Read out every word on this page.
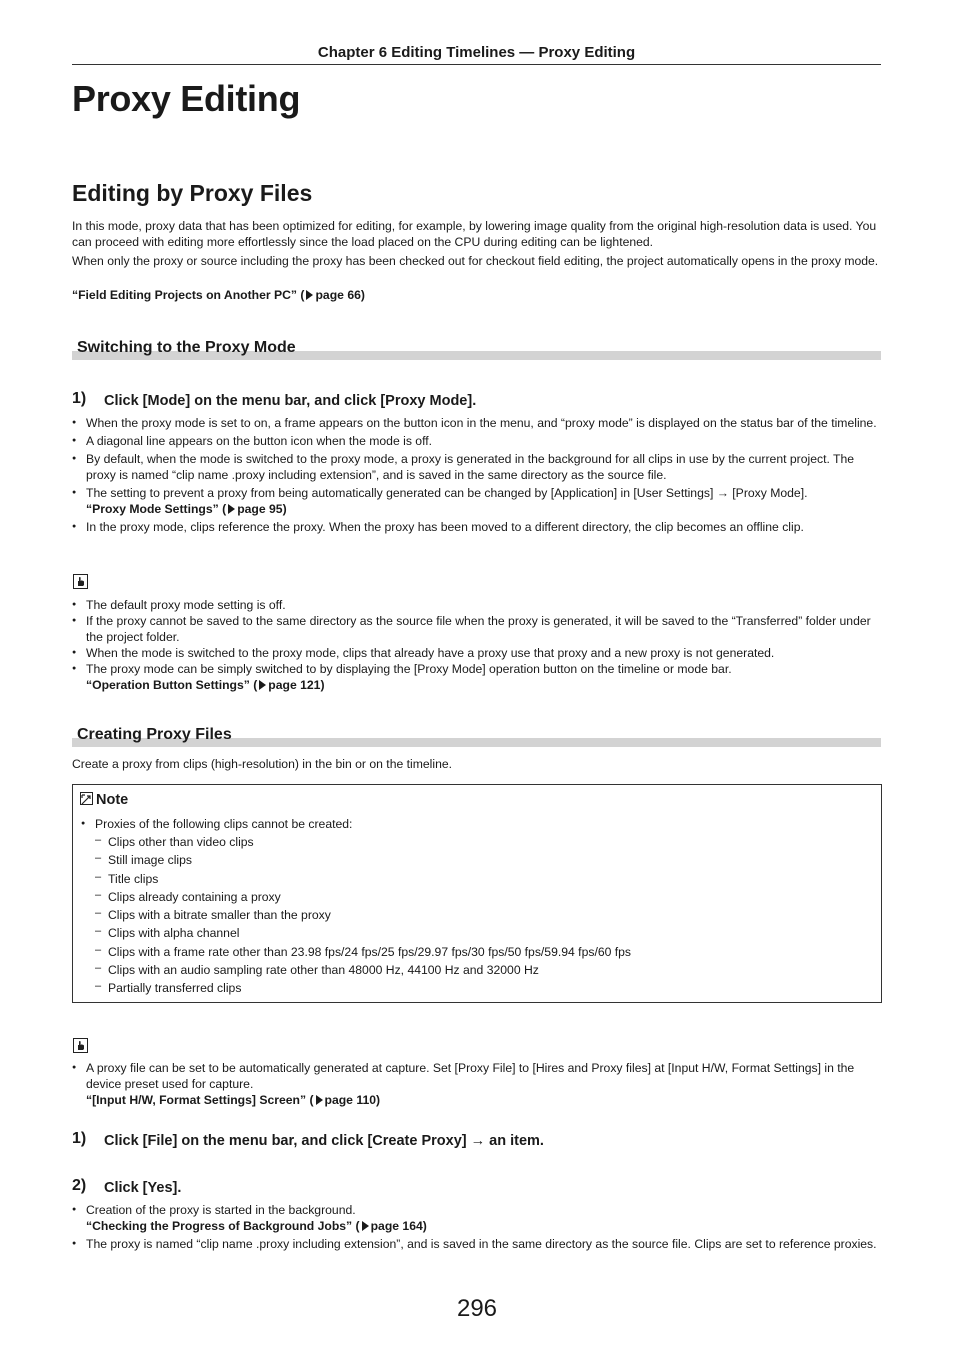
Chapter 6 Editing Timelines — Proxy Editing
Proxy Editing
Editing by Proxy Files
In this mode, proxy data that has been optimized for editing, for example, by lowering image quality from the original high-resolution data is used. You can proceed with editing more effortlessly since the load placed on the CPU during editing can be lightened.
When only the proxy or source including the proxy has been checked out for checkout field editing, the project automatically opens in the proxy mode.
“Field Editing Projects on Another PC” ( page 66)
Switching to the Proxy Mode
1) Click [Mode] on the menu bar, and click [Proxy Mode].
● When the proxy mode is set to on, a frame appears on the button icon in the menu, and “proxy mode” is displayed on the status bar of the timeline.
● A diagonal line appears on the button icon when the mode is off.
● By default, when the mode is switched to the proxy mode, a proxy is generated in the background for all clips in use by the current project. The proxy is named “clip name .proxy including extension”, and is saved in the same directory as the source file.
● The setting to prevent a proxy from being automatically generated can be changed by [Application] in [User Settings] → [Proxy Mode].
“Proxy Mode Settings” ( page 95)
● In the proxy mode, clips reference the proxy. When the proxy has been moved to a different directory, the clip becomes an offline clip.
● The default proxy mode setting is off.
● If the proxy cannot be saved to the same directory as the source file when the proxy is generated, it will be saved to the “Transferred” folder under the project folder.
● When the mode is switched to the proxy mode, clips that already have a proxy use that proxy and a new proxy is not generated.
● The proxy mode can be simply switched to by displaying the [Proxy Mode] operation button on the timeline or mode bar.
“Operation Button Settings” ( page 121)
Creating Proxy Files
Create a proxy from clips (high-resolution) in the bin or on the timeline.
Note
● Proxies of the following clips cannot be created:
– Clips other than video clips
– Still image clips
– Title clips
– Clips already containing a proxy
– Clips with a bitrate smaller than the proxy
– Clips with alpha channel
– Clips with a frame rate other than 23.98 fps/24 fps/25 fps/29.97 fps/30 fps/50 fps/59.94 fps/60 fps
– Clips with an audio sampling rate other than 48000 Hz, 44100 Hz and 32000 Hz
– Partially transferred clips
● A proxy file can be set to be automatically generated at capture. Set [Proxy File] to [Hires and Proxy files] at [Input H/W, Format Settings] in the device preset used for capture.
“[Input H/W, Format Settings] Screen” ( page 110)
1) Click [File] on the menu bar, and click [Create Proxy] → an item.
2) Click [Yes].
● Creation of the proxy is started in the background.
“Checking the Progress of Background Jobs” ( page 164)
● The proxy is named “clip name .proxy including extension”, and is saved in the same directory as the source file. Clips are set to reference proxies.
296
